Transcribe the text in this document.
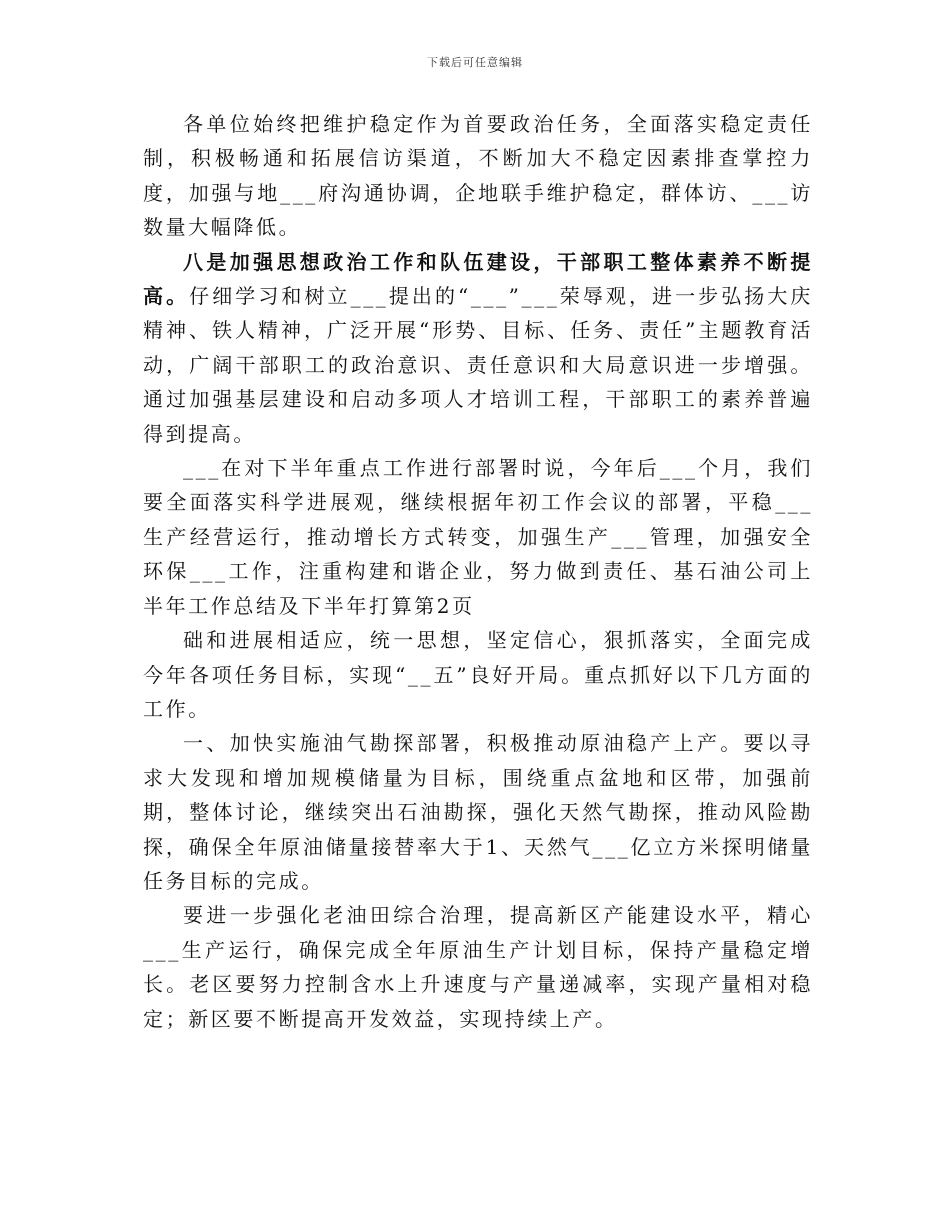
下载后可任意编辑

各单位始终把维护稳定作为首要政治任务，全面落实稳定责任制，积极畅通和拓展信访渠道，不断加大不稳定因素排查掌控力度，加强与地___府沟通协调，企地联手维护稳定，群体访、___访数量大幅降低。

八是加强思想政治工作和队伍建设，干部职工整体素养不断提高。仔细学习和树立___提出的“___”___荣辱观，进一步弘扬大庆精神、铁人精神，广泛开展“形势、目标、任务、责任”主题教育活动，广阔干部职工的政治意识、责任意识和大局意识进一步增强。通过加强基层建设和启动多项人才培训工程，干部职工的素养普遍得到提高。

___在对下半年重点工作进行部署时说，今年后___个月，我们要全面落实科学进展观，继续根据年初工作会议的部署，平稳___生产经营运行，推动增长方式转变，加强生产___管理，加强安全环保___工作，注重构建和谐企业，努力做到责任、基石油公司上半年工作总结及下半年打算第2页

础和进展相适应，统一思想，坚定信心，狠抓落实，全面完成今年各项任务目标，实现“__五”良好开局。重点抓好以下几方面的工作。

一、加快实施油气勘探部署，积极推动原油稳产上产。要以寻求大发现和增加规模储量为目标，围绕重点盆地和区带，加强前期，整体讨论，继续突出石油勘探，强化天然气勘探，推动风险勘探，确保全年原油储量接替率大于1、天然气___亿立方米探明储量任务目标的完成。

要进一步强化老油田综合治理，提高新区产能建设水平，精心___生产运行，确保完成全年原油生产计划目标，保持产量稳定增长。老区要努力控制含水上升速度与产量递减率，实现产量相对稳定；新区要不断提高开发效益，实现持续上产。
